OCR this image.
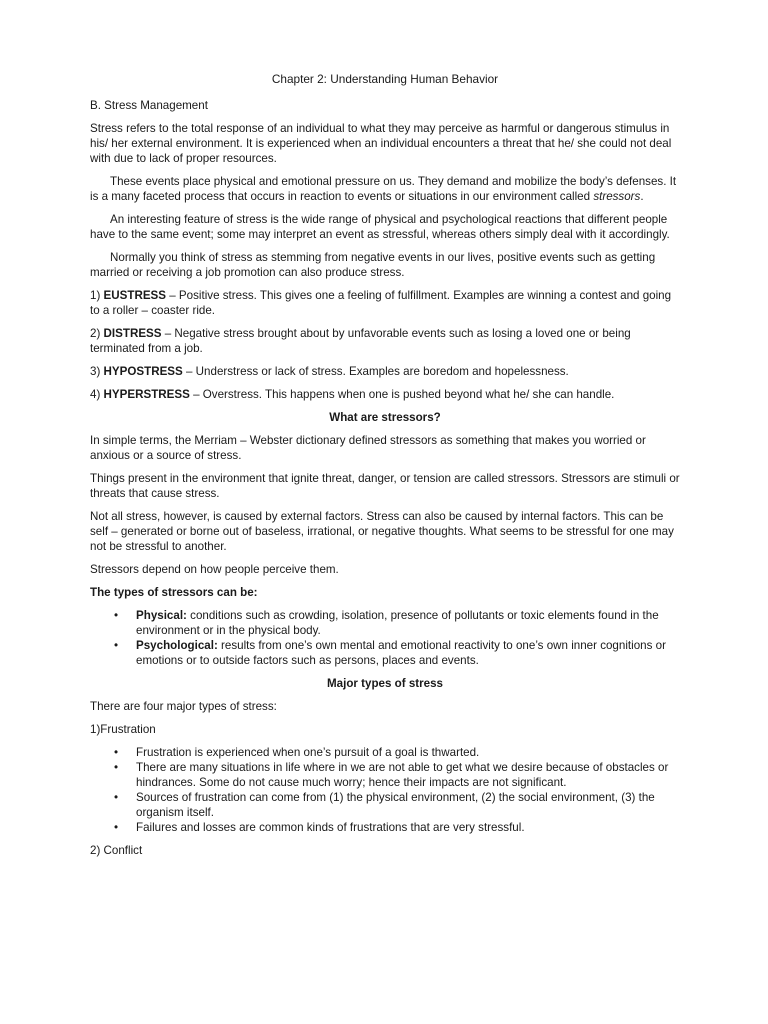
Chapter 2: Understanding Human Behavior

B. Stress Management

Stress refers to the total response of an individual to what they may perceive as harmful or dangerous stimulus in his/ her external environment. It is experienced when an individual encounters a threat that he/ she could not deal with due to lack of proper resources.

These events place physical and emotional pressure on us. They demand and mobilize the body’s defenses. It is a many faceted process that occurs in reaction to events or situations in our environment called stressors.

An interesting feature of stress is the wide range of physical and psychological reactions that different people have to the same event; some may interpret an event as stressful, whereas others simply deal with it accordingly.

Normally you think of stress as stemming from negative events in our lives, positive events such as getting married or receiving a job promotion can also produce stress.

1) EUSTRESS – Positive stress. This gives one a feeling of fulfillment. Examples are winning a contest and going to a roller – coaster ride.

2) DISTRESS – Negative stress brought about by unfavorable events such as losing a loved one or being terminated from a job.

3) HYPOSTRESS – Understress or lack of stress. Examples are boredom and hopelessness.

4) HYPERSTRESS – Overstress. This happens when one is pushed beyond what he/ she can handle.

What are stressors?

In simple terms, the Merriam – Webster dictionary defined stressors as something that makes you worried or anxious or a source of stress.

Things present in the environment that ignite threat, danger, or tension are called stressors. Stressors are stimuli or threats that cause stress.

Not all stress, however, is caused by external factors. Stress can also be caused by internal factors. This can be self – generated or borne out of baseless, irrational, or negative thoughts. What seems to be stressful for one may not be stressful to another.

Stressors depend on how people perceive them.

The types of stressors can be:

• Physical: conditions such as crowding, isolation, presence of pollutants or toxic elements found in the environment or in the physical body.
• Psychological: results from one’s own mental and emotional reactivity to one’s own inner cognitions or emotions or to outside factors such as persons, places and events.
Major types of stress

There are four major types of stress:

1)Frustration

• Frustration is experienced when one’s pursuit of a goal is thwarted.
• There are many situations in life where in we are not able to get what we desire because of obstacles or hindrances. Some do not cause much worry; hence their impacts are not significant.
• Sources of frustration can come from (1) the physical environment, (2) the social environment, (3) the organism itself.
• Failures and losses are common kinds of frustrations that are very stressful.

2) Conflict
